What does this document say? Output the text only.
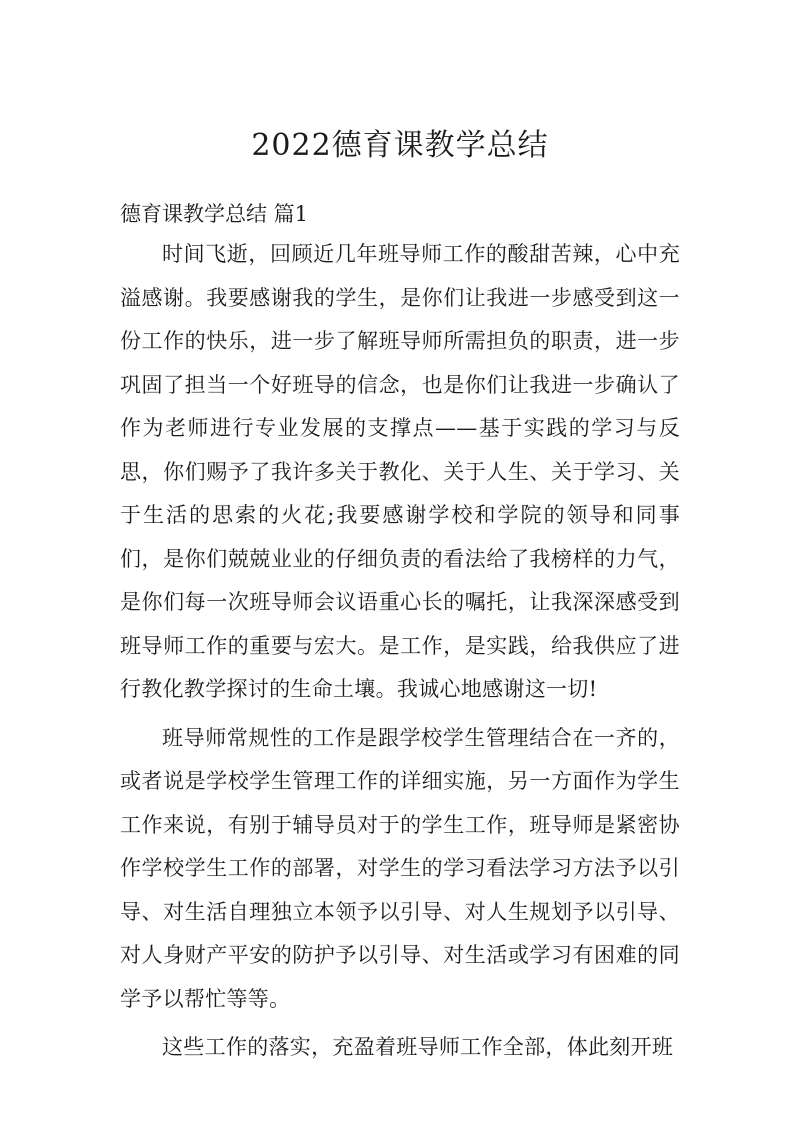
2022德育课教学总结
德育课教学总结 篇1

时间飞逝，回顾近几年班导师工作的酸甜苦辣，心中充溢感谢。我要感谢我的学生，是你们让我进一步感受到这一份工作的快乐，进一步了解班导师所需担负的职责，进一步巩固了担当一个好班导的信念，也是你们让我进一步确认了作为老师进行专业发展的支撑点——基于实践的学习与反思，你们赐予了我许多关于教化、关于人生、关于学习、关于生活的思索的火花;我要感谢学校和学院的领导和同事们，是你们兢兢业业的仔细负责的看法给了我榜样的力气，是你们每一次班导师会议语重心长的嘱托，让我深深感受到班导师工作的重要与宏大。是工作，是实践，给我供应了进行教化教学探讨的生命土壤。我诚心地感谢这一切!

班导师常规性的工作是跟学校学生管理结合在一齐的，或者说是学校学生管理工作的详细实施，另一方面作为学生工作来说，有别于辅导员对于的学生工作，班导师是紧密协作学校学生工作的部署，对学生的学习看法学习方法予以引导、对生活自理独立本领予以引导、对人生规划予以引导、对人身财产平安的防护予以引导、对生活或学习有困难的同学予以帮忙等等。

这些工作的落实，充盈着班导师工作全部，体此刻开班
